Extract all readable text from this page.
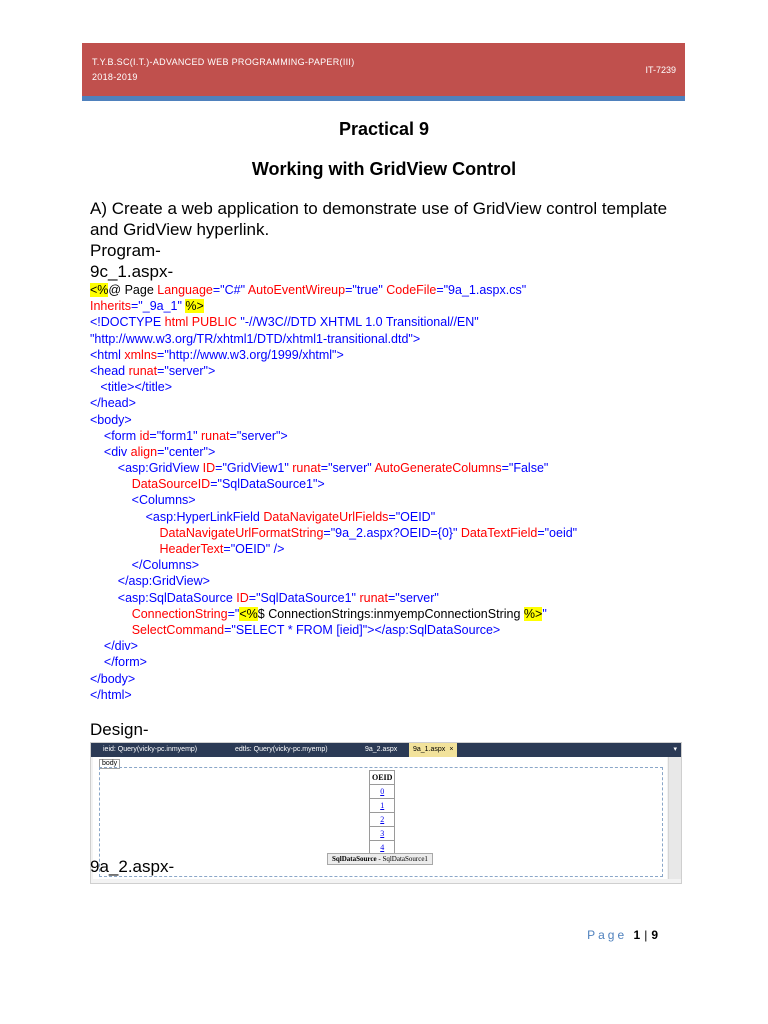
T.Y.B.SC(I.T.)-ADVANCED WEB PROGRAMMING-PAPER(III)
2018-2019
IT-7239
Practical 9
Working with GridView Control
A) Create a web application to demonstrate use of GridView control template and GridView hyperlink.
Program-
9c_1.aspx-
<%@ Page Language="C#" AutoEventWireup="true" CodeFile="9a_1.aspx.cs"
Inherits="_9a_1" %>
<!DOCTYPE html PUBLIC "-//W3C//DTD XHTML 1.0 Transitional//EN"
"http://www.w3.org/TR/xhtml1/DTD/xhtml1-transitional.dtd">
<html xmlns="http://www.w3.org/1999/xhtml">
<head runat="server">
<title></title>
</head>
<body>
<form id="form1" runat="server">
<div align="center">
<asp:GridView ID="GridView1" runat="server" AutoGenerateColumns="False"
DataSourceID="SqlDataSource1">
<Columns>
<asp:HyperLinkField DataNavigateUrlFields="OEID"
DataNavigateUrlFormatString="9a_2.aspx?OEID={0}" DataTextField="oeid"
HeaderText="OEID" />
</Columns>
</asp:GridView>
<asp:SqlDataSource ID="SqlDataSource1" runat="server"
ConnectionString="<%$ ConnectionStrings:inmyempConnectionString %>"
SelectCommand="SELECT * FROM [ieid]"></asp:SqlDataSource>
</div>
</form>
</body>
</html>
Design-
▾
ieid: Query(vicky-pc.inmyemp)	edtls: Query(vicky-pc.myemp)	9a_2.aspx	9a_1.aspx ×
body
OEID
0
1
2
3
4
SqlDataSource - SqlDataSource1
9a_2.aspx-
Page 1 | 9
